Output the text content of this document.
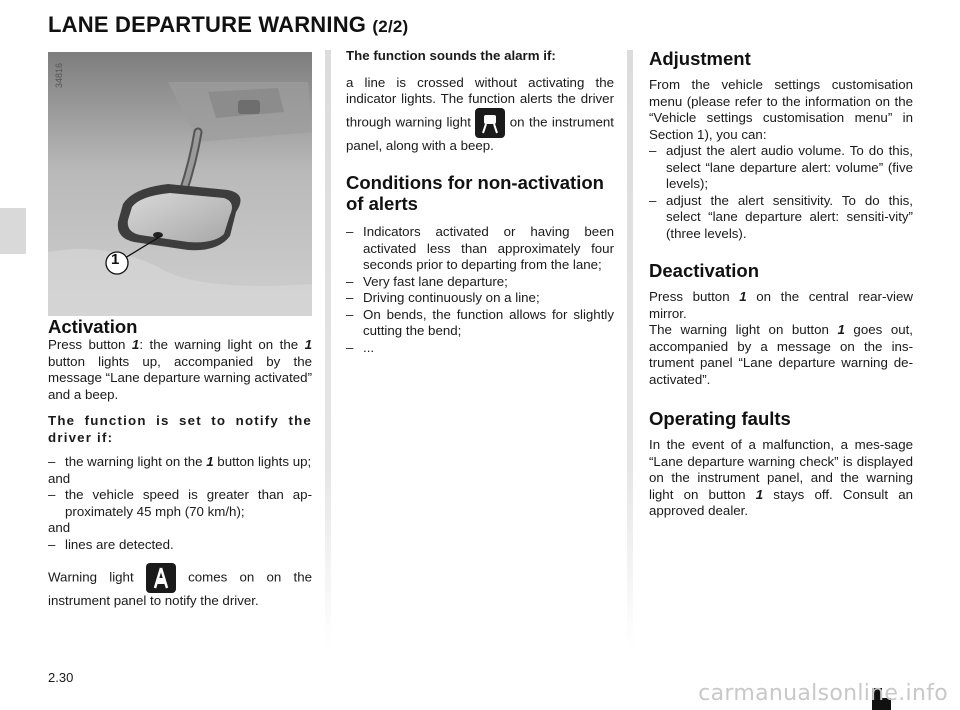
LANE DEPARTURE WARNING (2/2)
34816
1
Activation

Press button 1: the warning light on the 1 button lights up, accompanied by the message “Lane departure warning activated” and a beep.

The function is set to notify the driver if:

– the warning light on the 1 button lights up;

and

– the vehicle speed is greater than ap-proximately 45 mph (70 km/h);

and

– lines are detected.

Warning light  comes on on the instrument panel to notify the driver.

The function sounds the alarm if:

a line is crossed without activating the indicator lights. The function alerts the driver through warning light  on the instrument panel, along with a beep.

Conditions for non-activation of alerts
– Indicators activated or having been activated less than approximately four seconds prior to departing from the lane;
– Very fast lane departure;
– Driving continuously on a line;
– On bends, the function allows for slightly cutting the bend;
– ...
Adjustment

From the vehicle settings customisation menu (please refer to the information on the “Vehicle settings customisation menu” in Section 1), you can:

– adjust the alert audio volume. To do this, select “lane departure alert: volume” (five levels);
– adjust the alert sensitivity. To do this, select “lane departure alert: sensiti-vity” (three levels).
Deactivation

Press button 1 on the central rear-view mirror.

The warning light on button 1 goes out, accompanied by a message on the ins-trument panel “Lane departure warning de-activated”.

Operating faults

In the event of a malfunction, a mes-sage “Lane departure warning check” is displayed on the instrument panel, and the warning light on button 1 stays off. Consult an approved dealer.

2.30
carmanualsonline.info
